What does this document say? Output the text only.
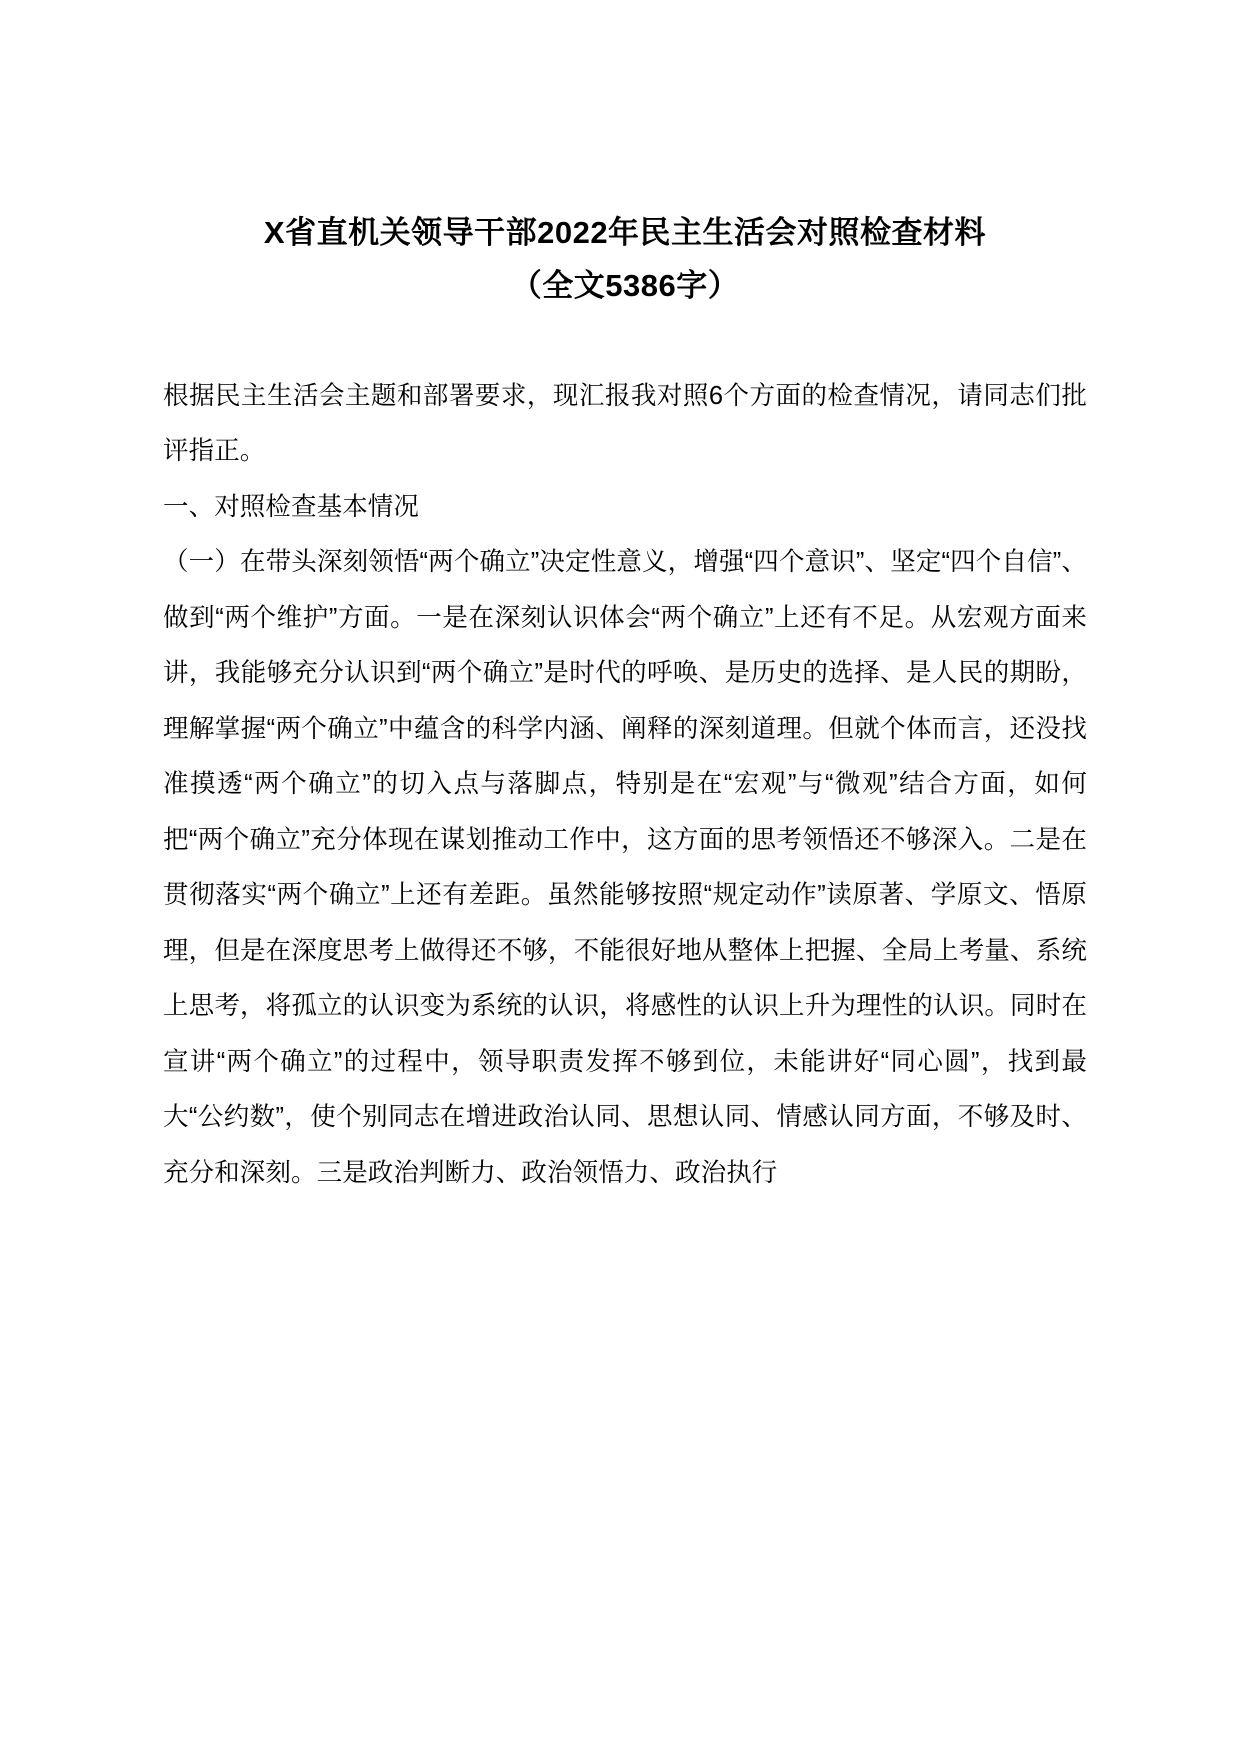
X省直机关领导干部2022年民主生活会对照检查材料
（全文5386字）

根据民主生活会主题和部署要求，现汇报我对照6个方面的检查情况，请同志们批评指正。

一、对照检查基本情况

（一）在带头深刻领悟“两个确立”决定性意义，增强“四个意识”、坚定“四个自信”、做到“两个维护”方面。一是在深刻认识体会“两个确立”上还有不足。从宏观方面来讲，我能够充分认识到“两个确立”是时代的呼唤、是历史的选择、是人民的期盼，理解掌握“两个确立”中蕴含的科学内涵、阐释的深刻道理。但就个体而言，还没找准摸透“两个确立”的切入点与落脚点，特别是在“宏观”与“微观”结合方面，如何把“两个确立”充分体现在谋划推动工作中，这方面的思考领悟还不够深入。二是在贯彻落实“两个确立”上还有差距。虽然能够按照“规定动作”读原著、学原文、悟原理，但是在深度思考上做得还不够，不能很好地从整体上把握、全局上考量、系统上思考，将孤立的认识变为系统的认识，将感性的认识上升为理性的认识。同时在宣讲“两个确立”的过程中，领导职责发挥不够到位，未能讲好“同心圆”，找到最大“公约数”，使个别同志在增进政治认同、思想认同、情感认同方面，不够及时、充分和深刻。三是政治判断力、政治领悟力、政治执行
